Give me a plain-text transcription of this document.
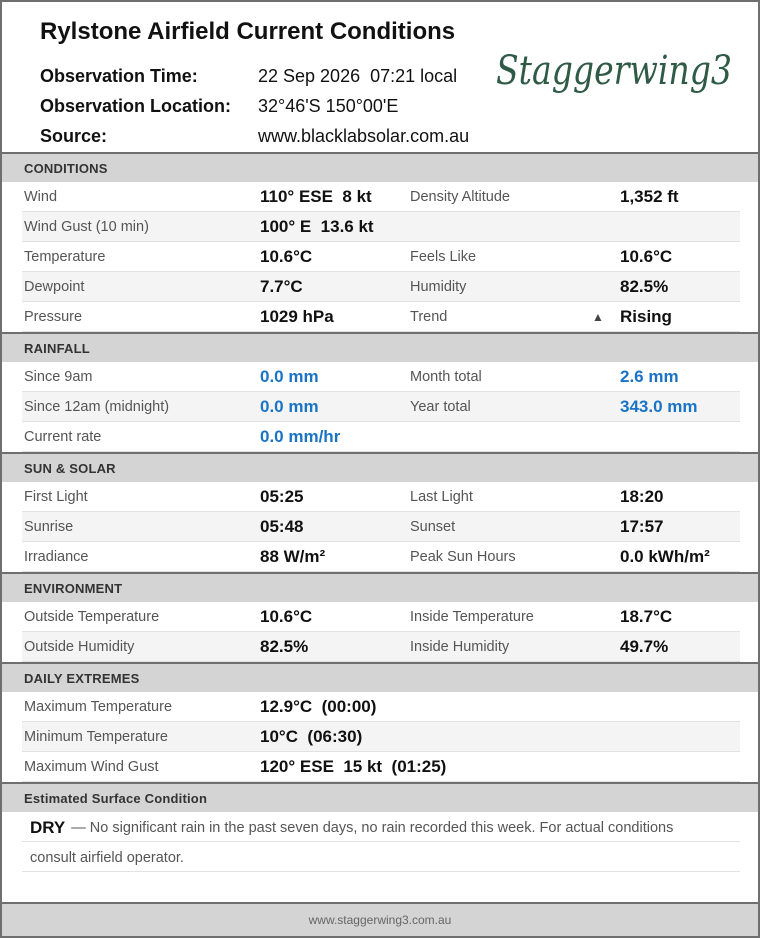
Rylstone Airfield Current Conditions
Observation Time:	22 Sep 2026  07:21 local
Observation Location:	32°46'S 150°00'E
Source:	www.blacklabsolar.com.au
Staggerwing3
CONDITIONS
Wind	110° ESE  8 kt	Density Altitude	1,352 ft
Wind Gust (10 min)	100° E  13.6 kt
Temperature	10.6°C	Feels Like	10.6°C
Dewpoint	7.7°C	Humidity	82.5%
Pressure	1029 hPa	Trend	▲ Rising
RAINFALL
Since 9am	0.0 mm	Month total	2.6 mm
Since 12am (midnight)	0.0 mm	Year total	343.0 mm
Current rate	0.0 mm/hr
SUN & SOLAR
First Light	05:25	Last Light	18:20
Sunrise	05:48	Sunset	17:57
Irradiance	88 W/m²	Peak Sun Hours	0.0 kWh/m²
ENVIRONMENT
Outside Temperature	10.6°C	Inside Temperature	18.7°C
Outside Humidity	82.5%	Inside Humidity	49.7%
DAILY EXTREMES
Maximum Temperature	12.9°C  (00:00)
Minimum Temperature	10°C  (06:30)
Maximum Wind Gust	120° ESE  15 kt  (01:25)
Estimated Surface Condition
DRY — No significant rain in the past seven days, no rain recorded this week. For actual conditions
consult airfield operator.
www.staggerwing3.com.au
